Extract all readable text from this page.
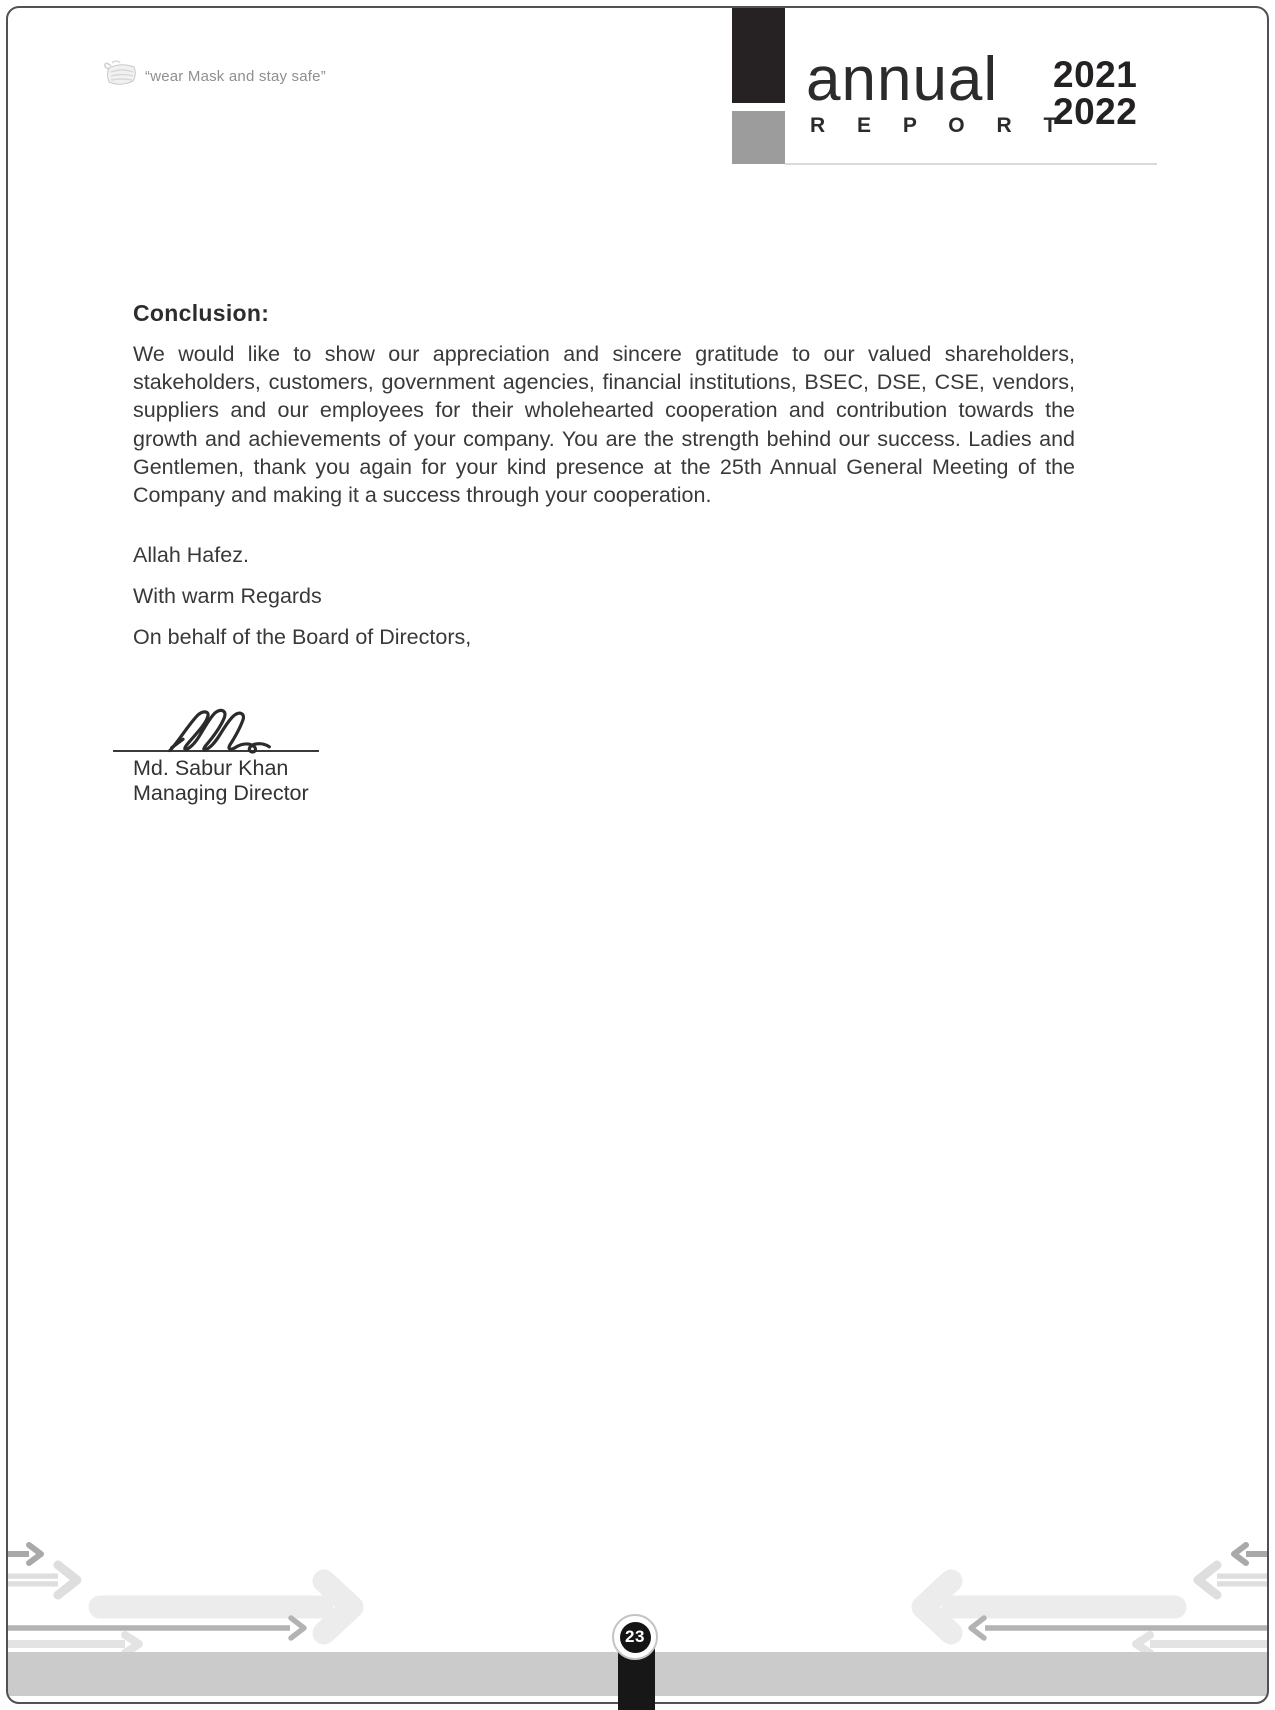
“wear Mask and stay safe”	annual
R E P O R T
2021
2022
Conclusion:
We would like to show our appreciation and sincere gratitude to our valued shareholders,
stakeholders, customers, government agencies, financial institutions, BSEC, DSE, CSE, vendors,
suppliers and our employees for their wholehearted cooperation and contribution towards the
growth and achievements of your company. You are the strength behind our success. Ladies and
Gentlemen, thank you again for your kind presence at the 25th Annual General Meeting of the
Company and making it a success through your cooperation.
Allah Hafez.
With warm Regards
On behalf of the Board of Directors,
Md. Sabur Khan
Managing Director
23
